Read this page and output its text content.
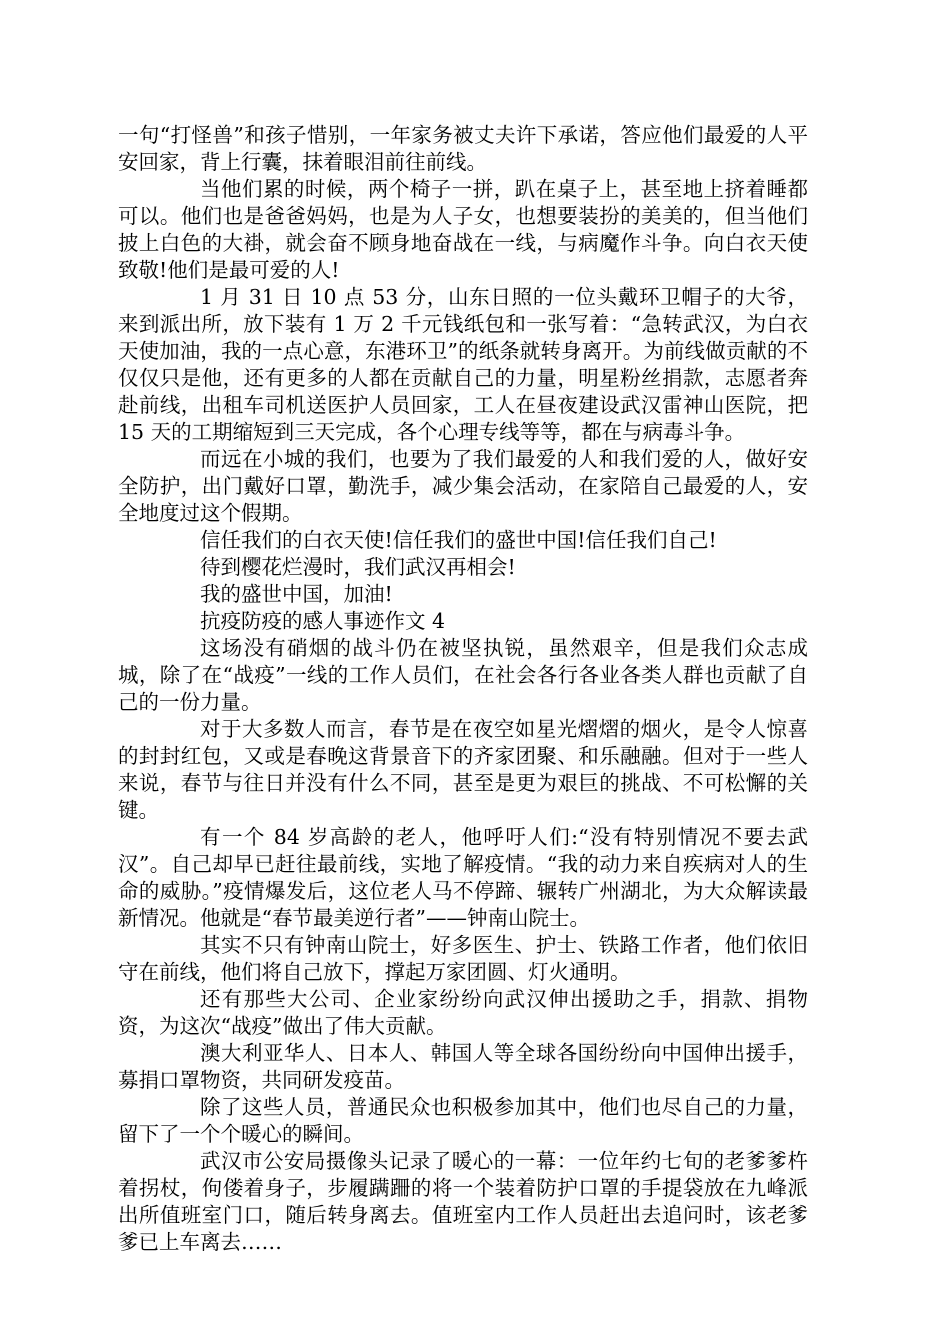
一句“打怪兽”和孩子惜别，一年家务被丈夫许下承诺，答应他们最爱的人平安回家，背上行囊，抹着眼泪前往前线。

当他们累的时候，两个椅子一拼，趴在桌子上，甚至地上挤着睡都可以。他们也是爸爸妈妈，也是为人子女，也想要装扮的美美的，但当他们披上白色的大褂，就会奋不顾身地奋战在一线，与病魔作斗争。向白衣天使致敬!他们是最可爱的人!

1 月 31 日 10 点 53 分，山东日照的一位头戴环卫帽子的大爷，来到派出所，放下装有 1 万 2 千元钱纸包和一张写着：“急转武汉，为白衣天使加油，我的一点心意，东港环卫”的纸条就转身离开。为前线做贡献的不仅仅只是他，还有更多的人都在贡献自己的力量，明星粉丝捐款，志愿者奔赴前线，出租车司机送医护人员回家，工人在昼夜建设武汉雷神山医院，把 15 天的工期缩短到三天完成，各个心理专线等等，都在与病毒斗争。

而远在小城的我们，也要为了我们最爱的人和我们爱的人，做好安全防护，出门戴好口罩，勤洗手，减少集会活动，在家陪自己最爱的人，安全地度过这个假期。

信任我们的白衣天使!信任我们的盛世中国!信任我们自己!

待到樱花烂漫时，我们武汉再相会!

我的盛世中国，加油!

抗疫防疫的感人事迹作文 4

这场没有硝烟的战斗仍在被坚执锐，虽然艰辛，但是我们众志成城，除了在“战疫”一线的工作人员们，在社会各行各业各类人群也贡献了自己的一份力量。

对于大多数人而言，春节是在夜空如星光熠熠的烟火，是令人惊喜的封封红包，又或是春晚这背景音下的齐家团聚、和乐融融。但对于一些人来说，春节与往日并没有什么不同，甚至是更为艰巨的挑战、不可松懈的关键。

有一个 84 岁高龄的老人，他呼吁人们:“没有特别情况不要去武汉”。自己却早已赶往最前线，实地了解疫情。“我的动力来自疾病对人的生命的威胁。”疫情爆发后，这位老人马不停蹄、辗转广州湖北，为大众解读最新情况。他就是“春节最美逆行者”——钟南山院士。

其实不只有钟南山院士，好多医生、护士、铁路工作者，他们依旧守在前线，他们将自己放下，撑起万家团圆、灯火通明。

还有那些大公司、企业家纷纷向武汉伸出援助之手，捐款、捐物资，为这次“战疫”做出了伟大贡献。

澳大利亚华人、日本人、韩国人等全球各国纷纷向中国伸出援手，募捐口罩物资，共同研发疫苗。

除了这些人员，普通民众也积极参加其中，他们也尽自己的力量，留下了一个个暖心的瞬间。

武汉市公安局摄像头记录了暖心的一幕：一位年约七旬的老爹爹杵着拐杖，佝偻着身子，步履蹒跚的将一个装着防护口罩的手提袋放在九峰派出所值班室门口，随后转身离去。值班室内工作人员赶出去追问时，该老爹爹已上车离去……
